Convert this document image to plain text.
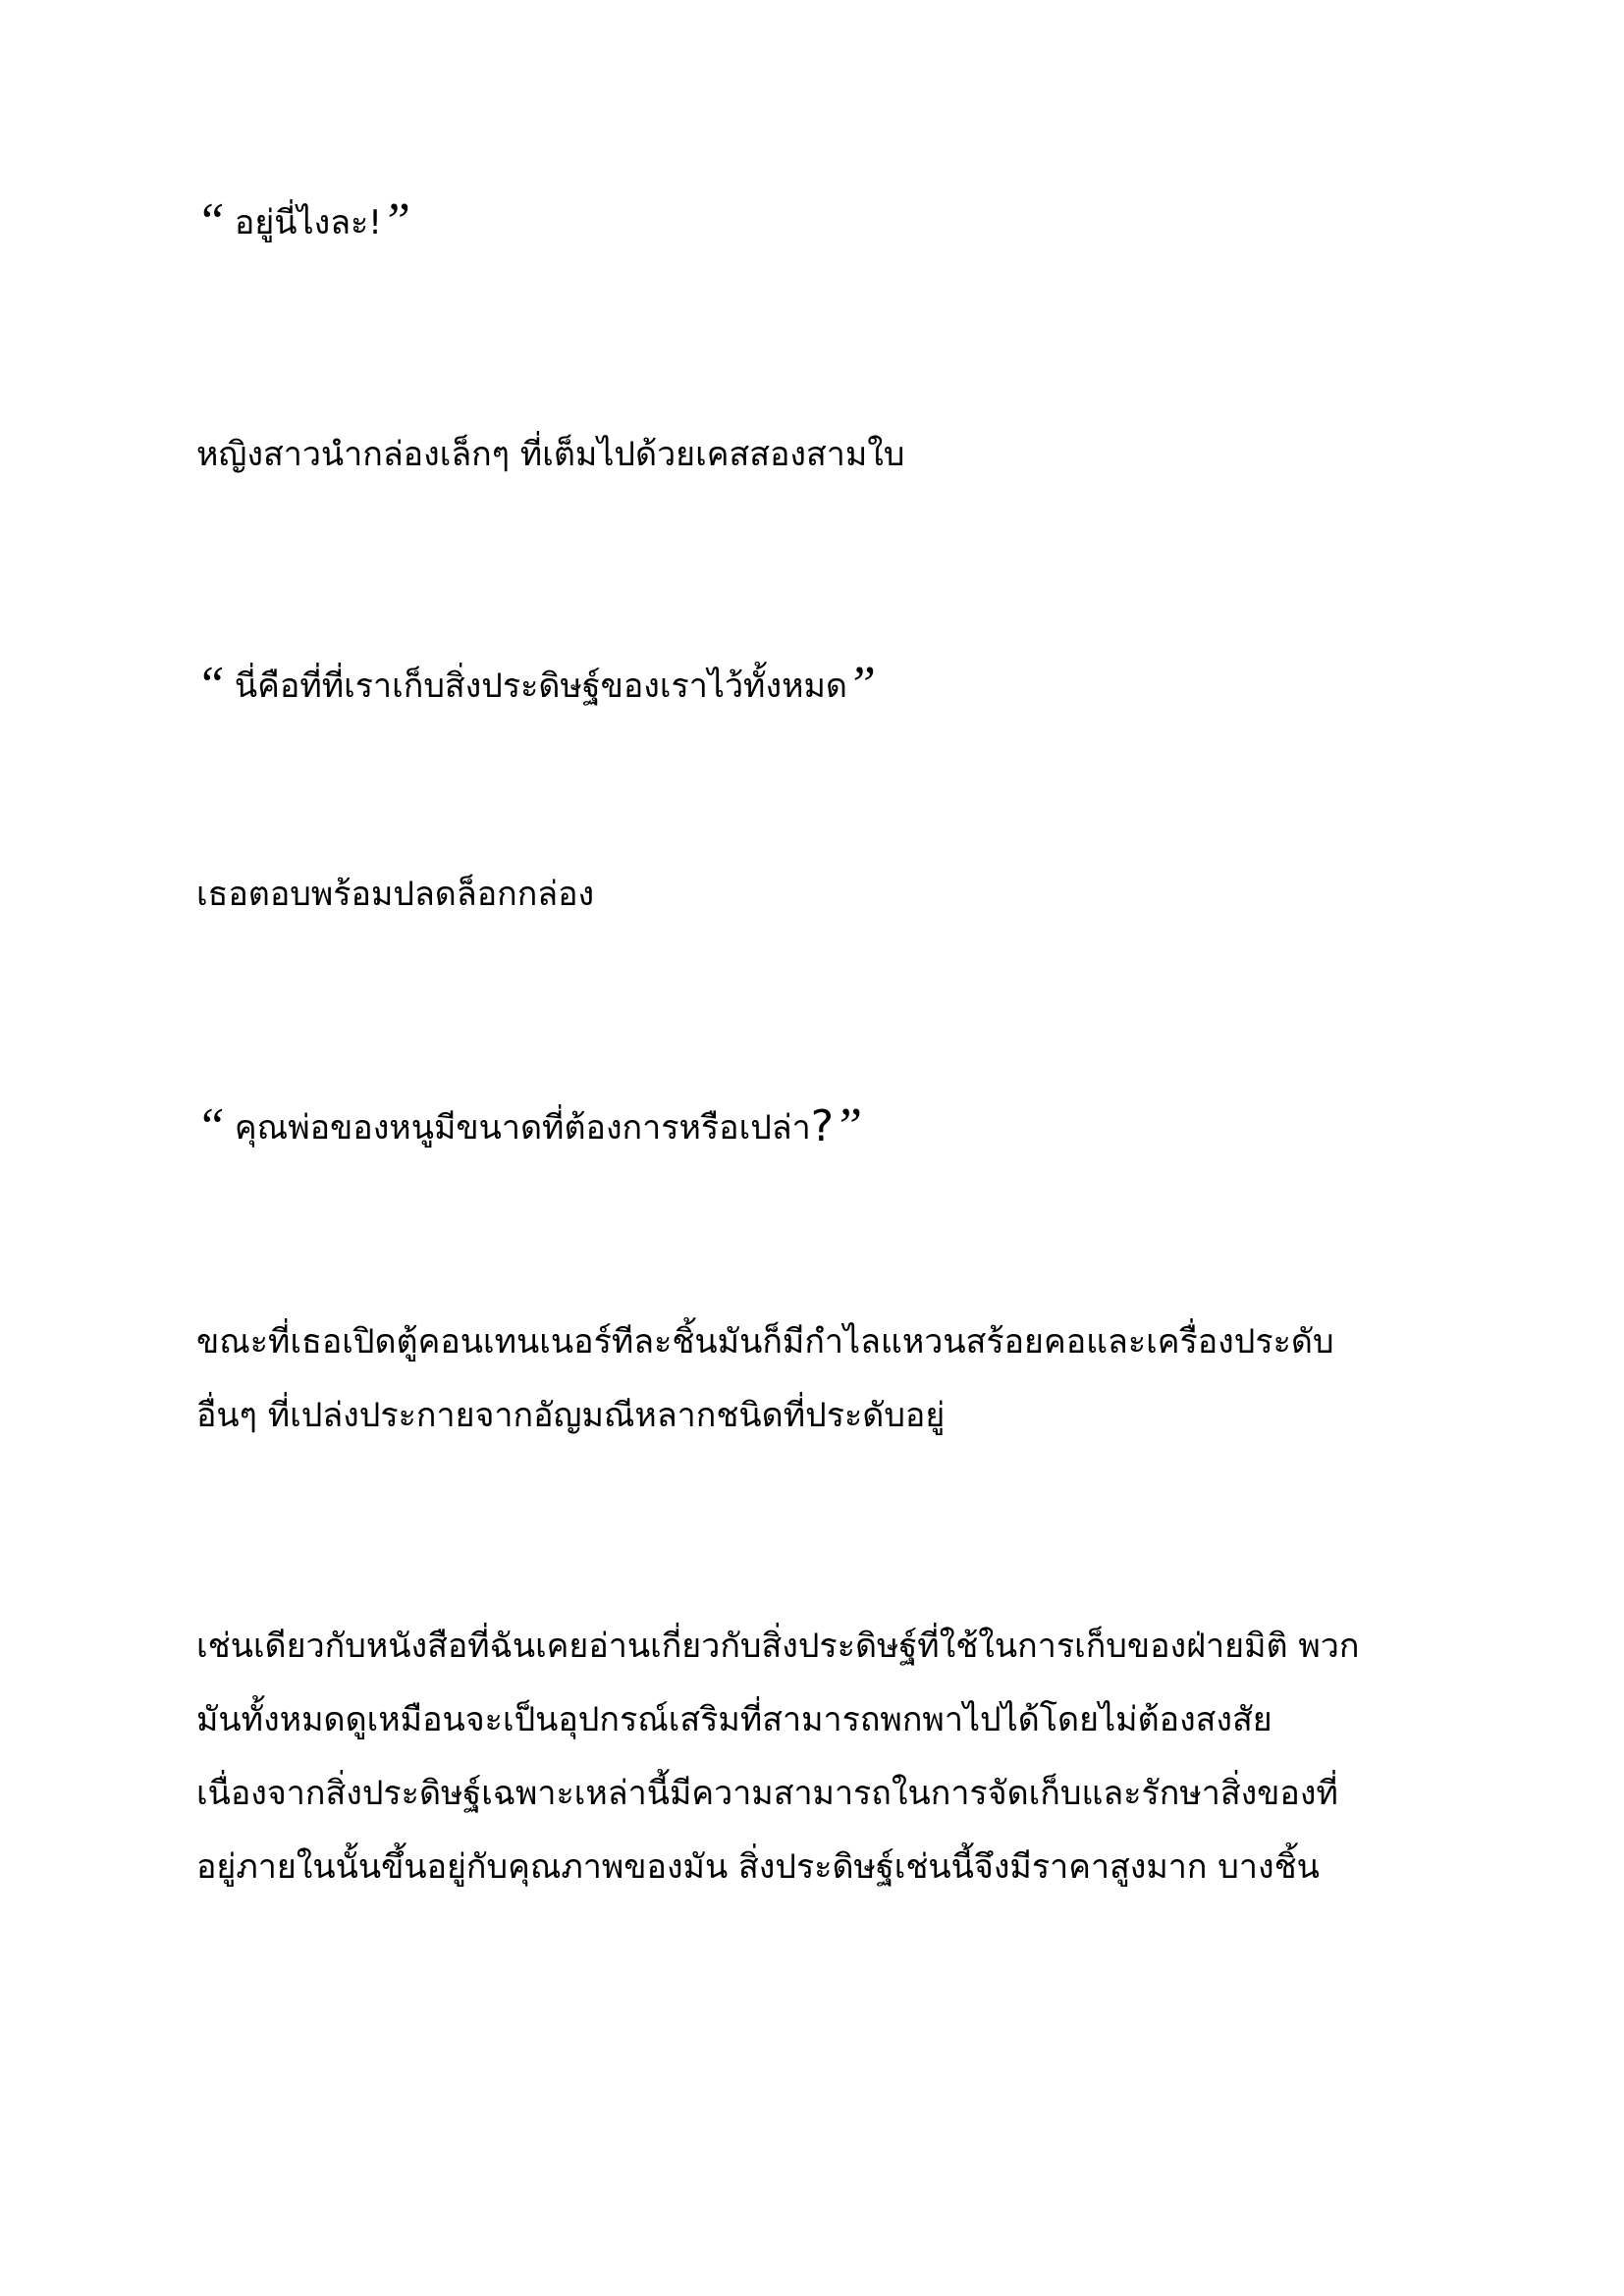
“ อยู่นี่ไงละ!”

หญิงสาวนำกล่องเล็กๆ ที่เต็มไปด้วยเคสสองสามใบ

“ นี่คือที่ที่เราเก็บสิ่งประดิษฐ์ของเราไว้ทั้งหมด”

เธอตอบพร้อมปลดล็อกกล่อง

“ คุณพ่อของหนูมีขนาดที่ต้องการหรือเปล่า?”

ขณะที่เธอเปิดตู้คอนเทนเนอร์ทีละชิ้นมันก็มีกำไลแหวนสร้อยคอและเครื่องประดับ
อื่นๆ ที่เปล่งประกายจากอัญมณีหลากชนิดที่ประดับอยู่

เช่นเดียวกับหนังสือที่ฉันเคยอ่านเกี่ยวกับสิ่งประดิษฐ์ที่ใช้ในการเก็บของฝ่ายมิติ พวก
มันทั้งหมดดูเหมือนจะเป็นอุปกรณ์เสริมที่สามารถพกพาไปได้โดยไม่ต้องสงสัย
เนื่องจากสิ่งประดิษฐ์เฉพาะเหล่านี้มีความสามารถในการจัดเก็บและรักษาสิ่งของที่
อยู่ภายในนั้นขึ้นอยู่กับคุณภาพของมัน สิ่งประดิษฐ์เช่นนี้จึงมีราคาสูงมาก บางชิ้น
